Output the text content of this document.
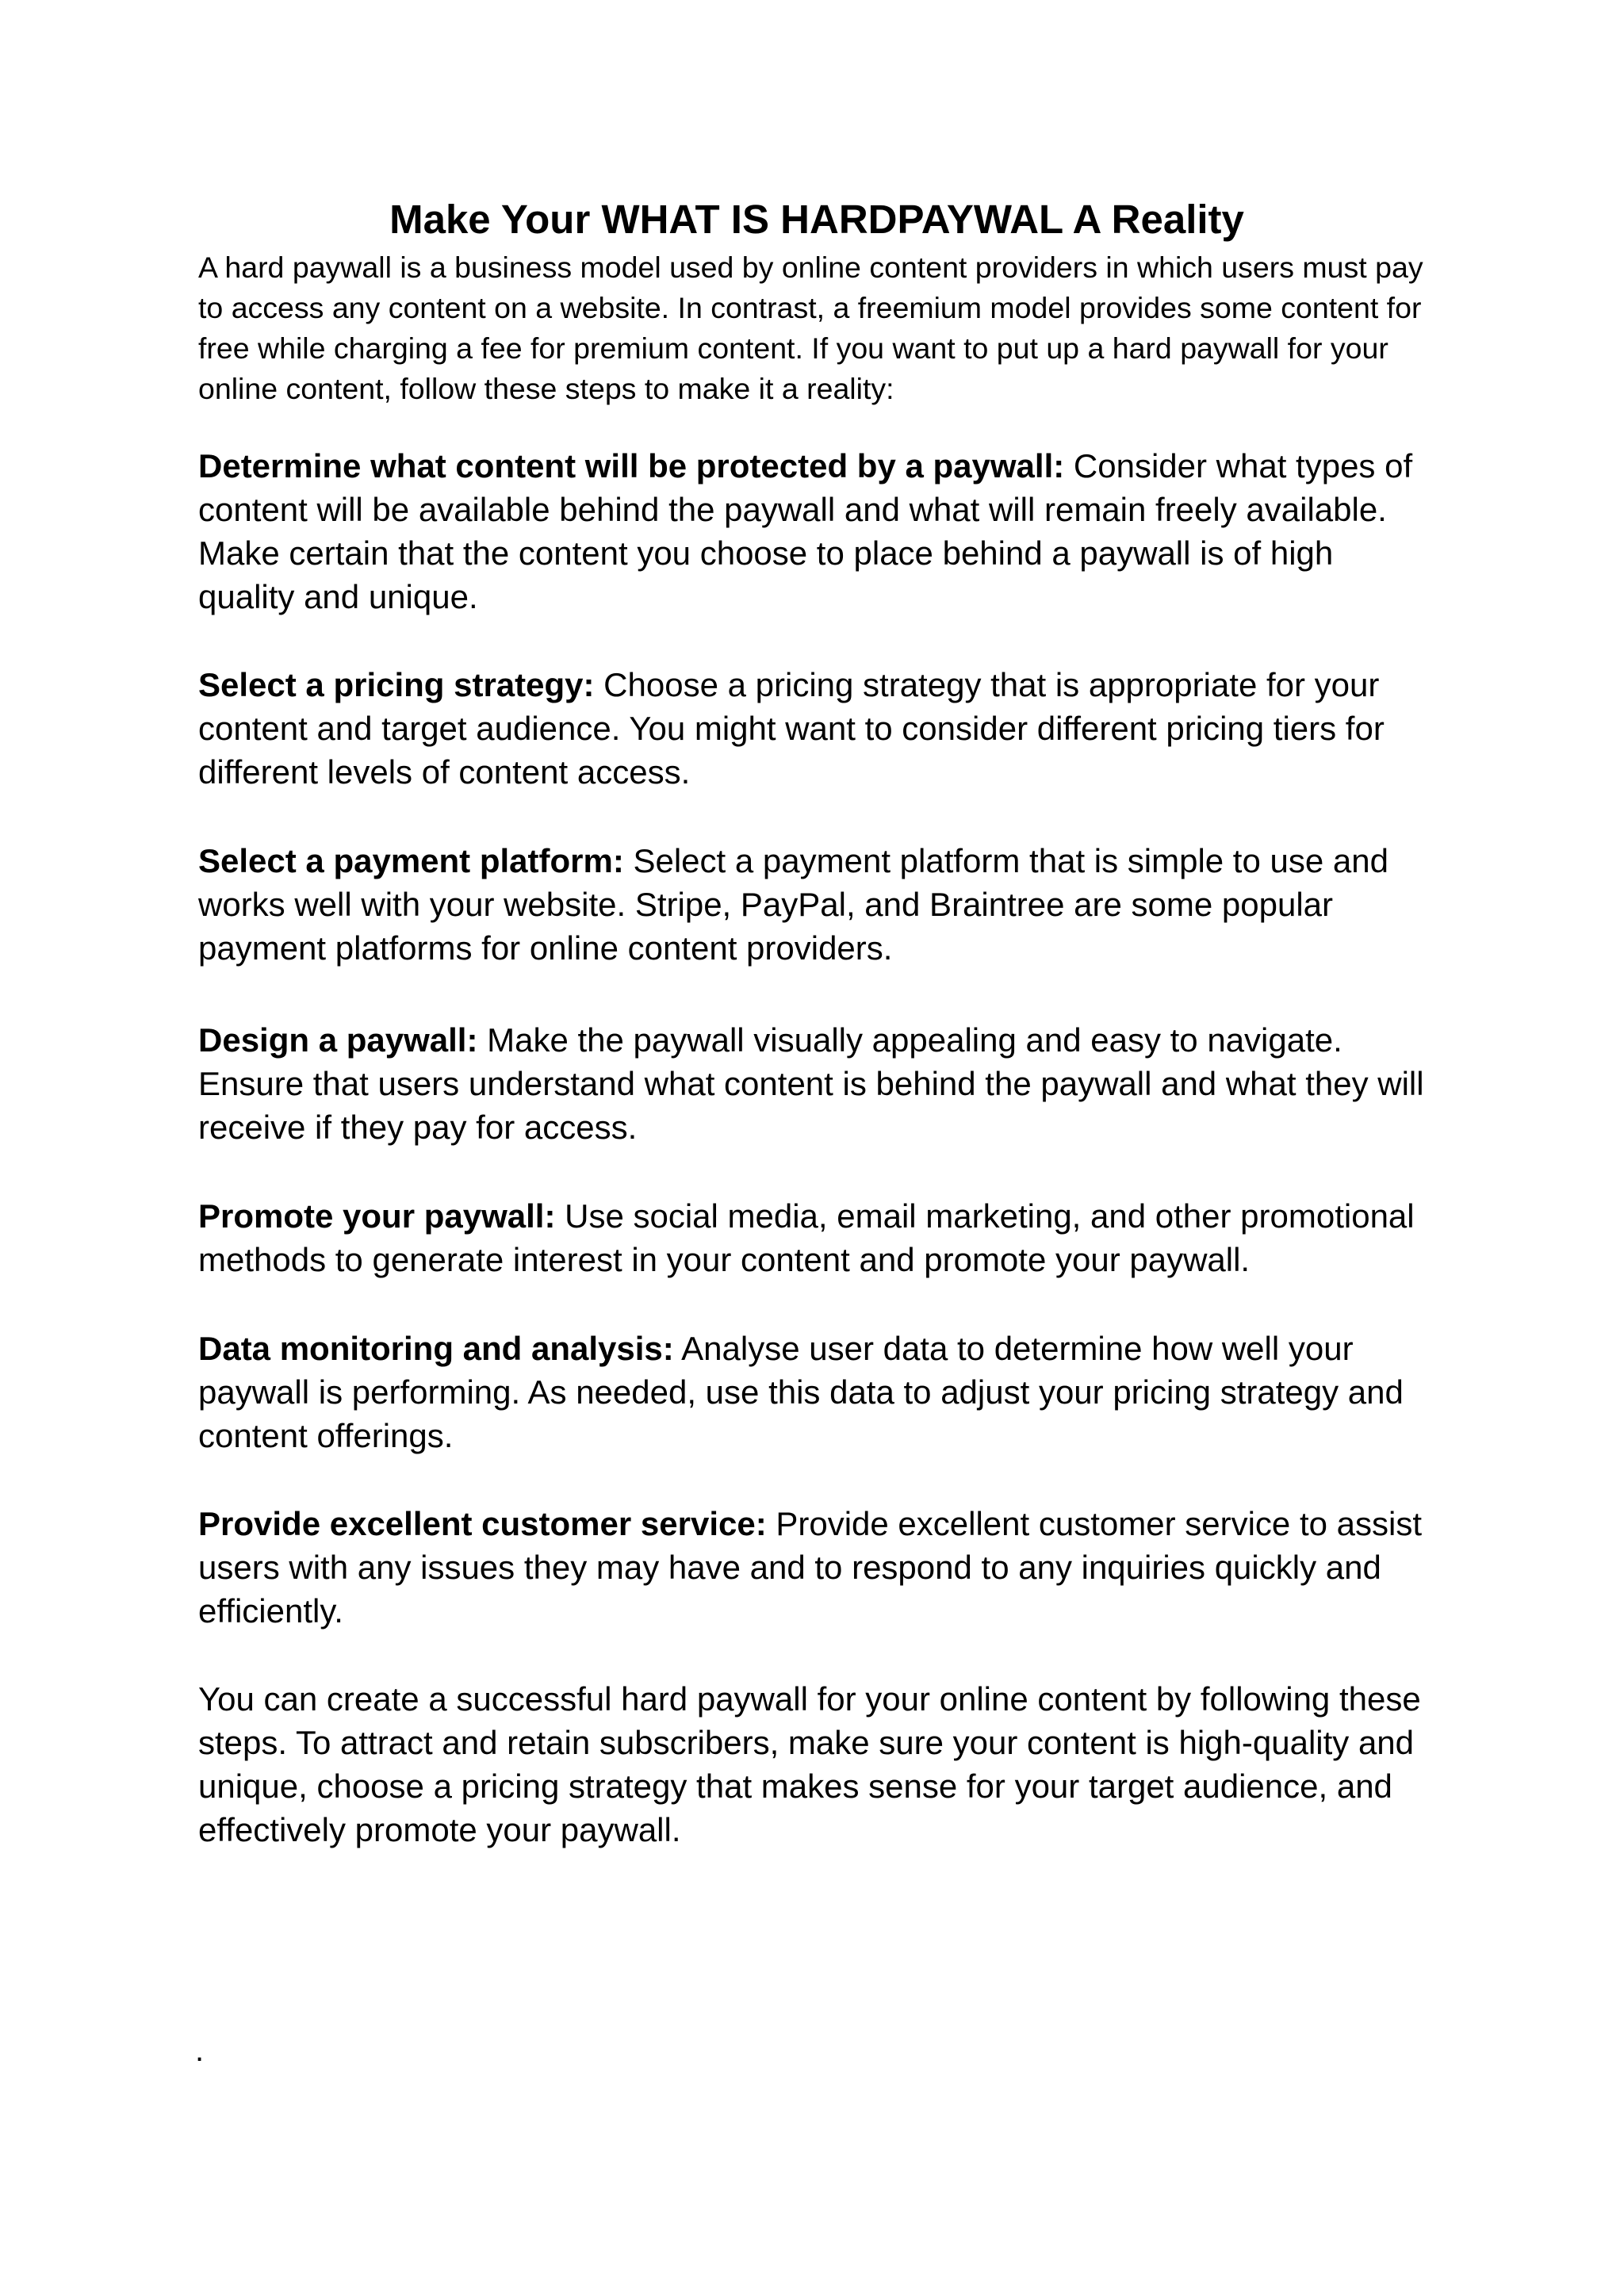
Make Your WHAT IS HARDPAYWAL A Reality

A hard paywall is a business model used by online content providers in which users must pay to access any content on a website. In contrast, a freemium model provides some content for free while charging a fee for premium content. If you want to put up a hard paywall for your online content, follow these steps to make it a reality:

Determine what content will be protected by a paywall: Consider what types of content will be available behind the paywall and what will remain freely available. Make certain that the content you choose to place behind a paywall is of high quality and unique.

Select a pricing strategy: Choose a pricing strategy that is appropriate for your content and target audience. You might want to consider different pricing tiers for different levels of content access.

Select a payment platform: Select a payment platform that is simple to use and works well with your website. Stripe, PayPal, and Braintree are some popular payment platforms for online content providers.

Design a paywall: Make the paywall visually appealing and easy to navigate. Ensure that users understand what content is behind the paywall and what they will receive if they pay for access.

Promote your paywall: Use social media, email marketing, and other promotional methods to generate interest in your content and promote your paywall.

Data monitoring and analysis: Analyse user data to determine how well your paywall is performing. As needed, use this data to adjust your pricing strategy and content offerings.

Provide excellent customer service: Provide excellent customer service to assist users with any issues they may have and to respond to any inquiries quickly and efficiently.

You can create a successful hard paywall for your online content by following these steps. To attract and retain subscribers, make sure your content is high-quality and unique, choose a pricing strategy that makes sense for your target audience, and effectively promote your paywall.

.
